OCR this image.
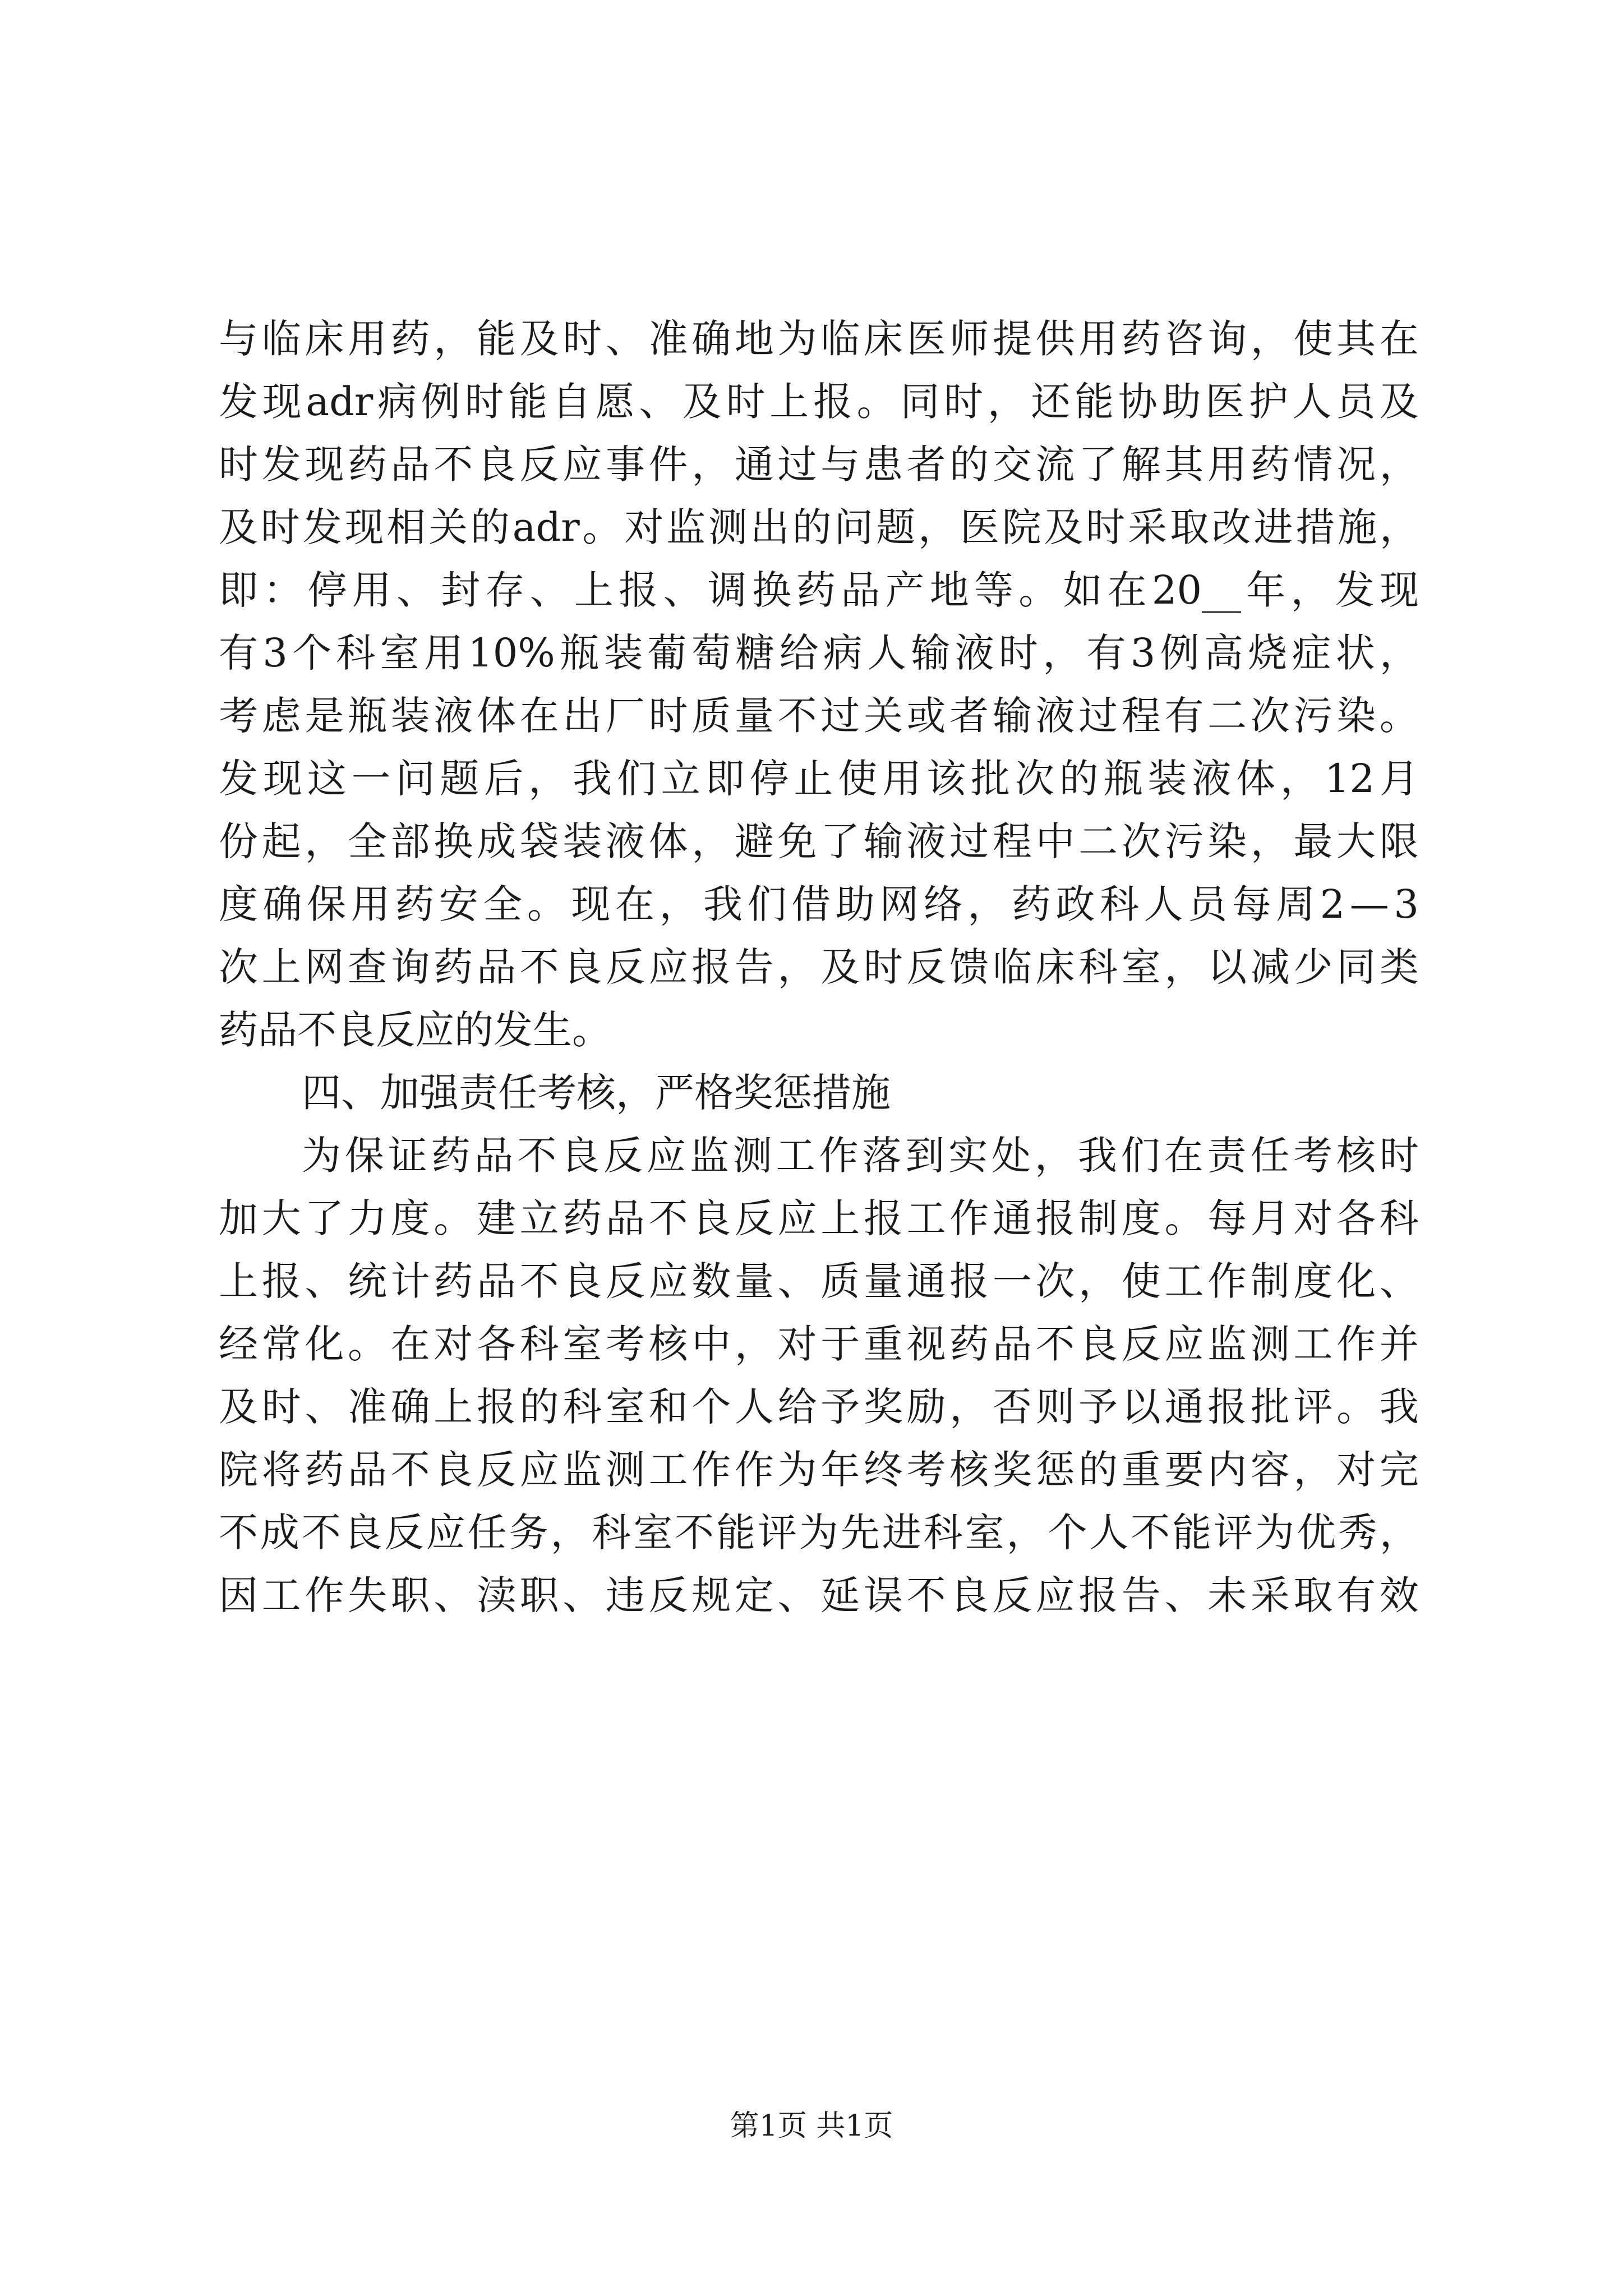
与 临 床 用 药 ， 能 及 时 、 准 确 地 为 临 床 医 师 提 供 用 药 咨 询 ， 使 其 在
发 现 adr 病 例 时 能 自 愿 、 及 时 上 报 。 同 时 ， 还 能 协 助 医 护 人 员 及
时 发 现 药 品 不 良 反 应 事 件 ， 通 过 与 患 者 的 交 流 了 解 其 用 药 情 况 ，
及 时 发 现 相 关 的 adr 。 对 监 测 出 的 问 题 ， 医 院 及 时 采 取 改 进 措 施 ，
即 ： 停 用 、 封 存 、 上 报 、 调 换 药 品 产 地 等 。 如 在 20__ 年 ， 发 现
有 3 个 科 室 用 10% 瓶 装 葡 萄 糖 给 病 人 输 液 时 ， 有 3 例 高 烧 症 状 ，
考 虑 是 瓶 装 液 体 在 出 厂 时 质 量 不 过 关 或 者 输 液 过 程 有 二 次 污 染 。
发 现 这 一 问 题 后 ， 我 们 立 即 停 止 使 用 该 批 次 的 瓶 装 液 体 ， 12 月
份 起 ， 全 部 换 成 袋 装 液 体 ， 避 免 了 输 液 过 程 中 二 次 污 染 ， 最 大 限
度 确 保 用 药 安 全 。 现 在 ， 我 们 借 助 网 络 ， 药 政 科 人 员 每 周 2 — 3
次 上 网 查 询 药 品 不 良 反 应 报 告 ， 及 时 反 馈 临 床 科 室 ， 以 减 少 同 类
药品不良反应的发生。
四、加强责任考核，严格奖惩措施
为 保 证 药 品 不 良 反 应 监 测 工 作 落 到 实 处 ， 我 们 在 责 任 考 核 时
加 大 了 力 度 。 建 立 药 品 不 良 反 应 上 报 工 作 通 报 制 度 。 每 月 对 各 科
上 报 、 统 计 药 品 不 良 反 应 数 量 、 质 量 通 报 一 次 ， 使 工 作 制 度 化 、
经 常 化 。 在 对 各 科 室 考 核 中 ， 对 于 重 视 药 品 不 良 反 应 监 测 工 作 并
及 时 、 准 确 上 报 的 科 室 和 个 人 给 予 奖 励 ， 否 则 予 以 通 报 批 评 。 我
院 将 药 品 不 良 反 应 监 测 工 作 作 为 年 终 考 核 奖 惩 的 重 要 内 容 ， 对 完
不 成 不 良 反 应 任 务 ， 科 室 不 能 评 为 先 进 科 室 ， 个 人 不 能 评 为 优 秀 ，
因 工 作 失 职 、 渎 职 、 违 反 规 定 、 延 误 不 良 反 应 报 告 、 未 采 取 有 效
第1页 共1页
